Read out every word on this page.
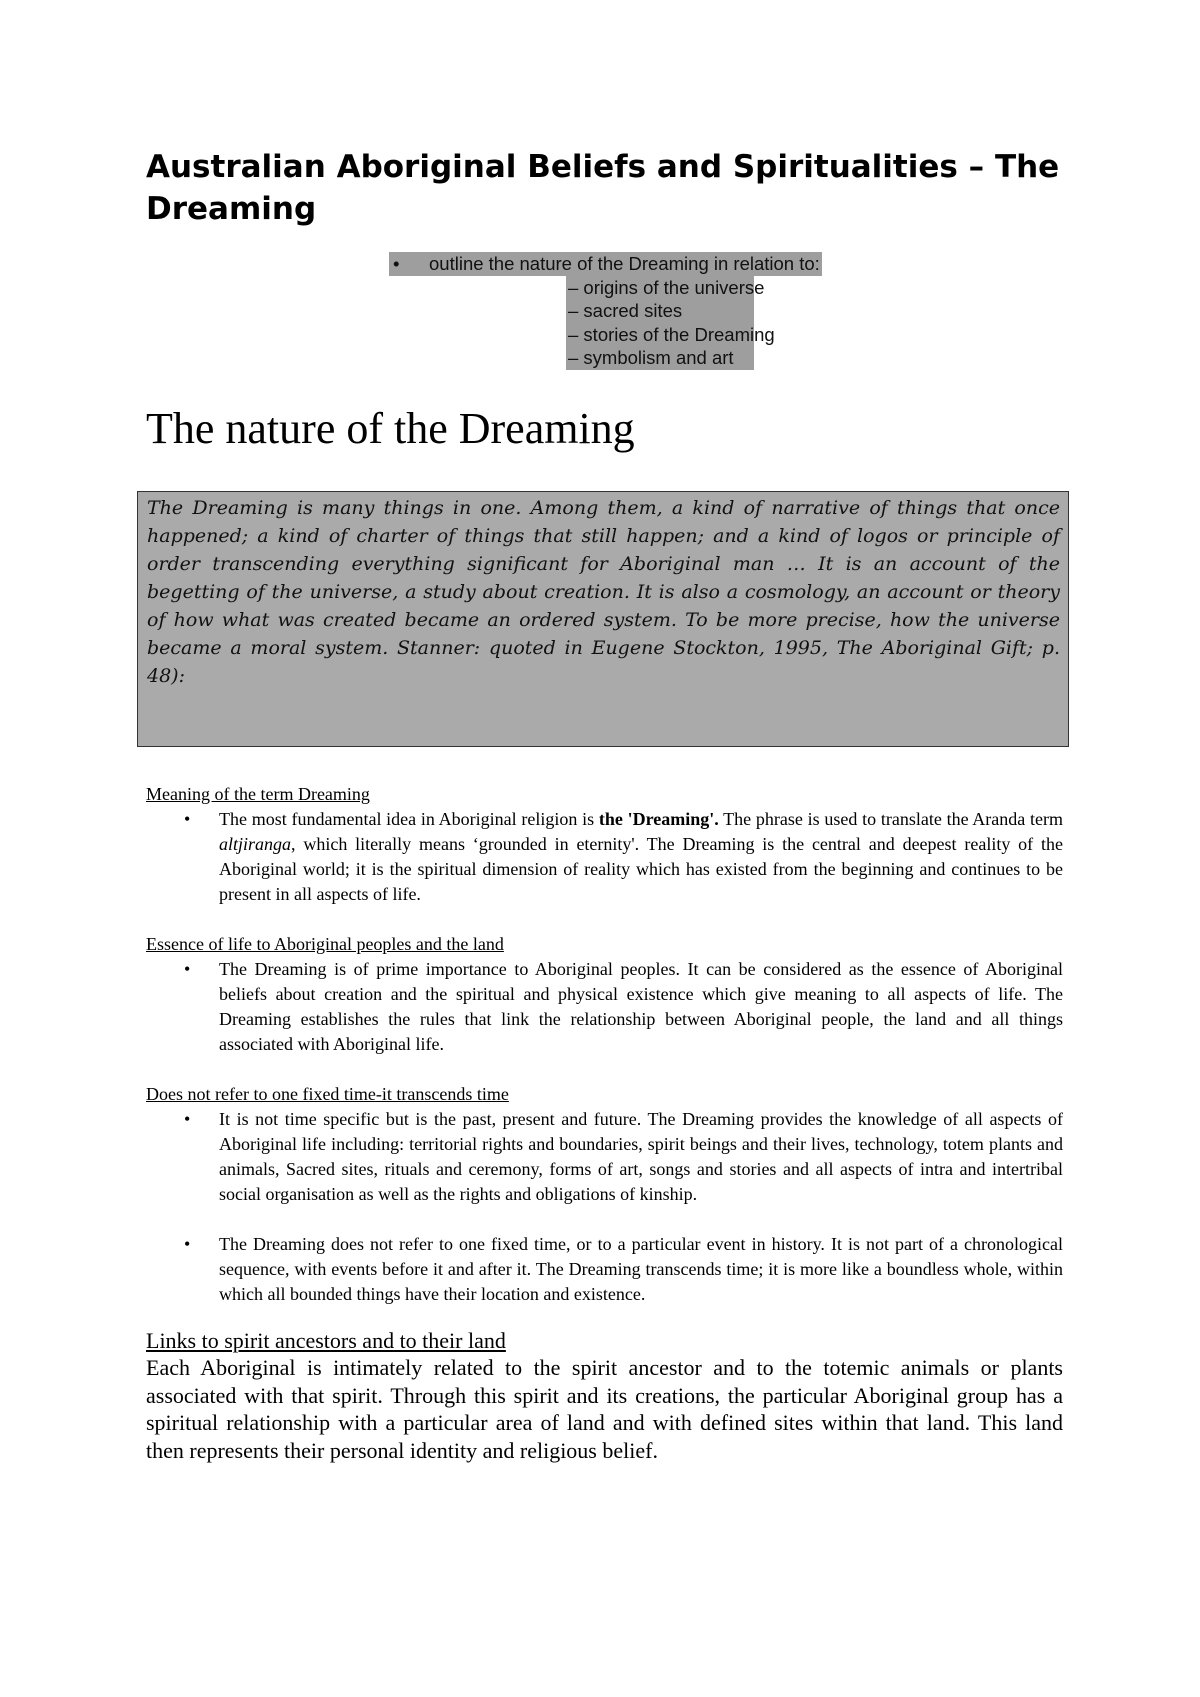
Australian Aboriginal Beliefs and Spiritualities – The Dreaming
• outline the nature of the Dreaming in relation to:
– origins of the universe
– sacred sites
– stories of the Dreaming
– symbolism and art
The nature of the Dreaming

The Dreaming is many things in one. Among them, a kind of narrative of things that once happened; a kind of charter of things that still happen; and a kind of logos or principle of order transcending everything significant for Aboriginal man … It is an account of the begetting of the universe, a study about creation. It is also a cosmology, an account or theory of how what was created became an ordered system. To be more precise, how the universe became a moral system. Stanner: quoted in Eugene Stockton, 1995, The Aboriginal Gift; p. 48):

Meaning of the term Dreaming

• The most fundamental idea in Aboriginal religion is the 'Dreaming'. The phrase is used to translate the Aranda term altjiranga, which literally means ‘grounded in eternity'. The Dreaming is the central and deepest reality of the Aboriginal world; it is the spiritual dimension of reality which has existed from the beginning and continues to be present in all aspects of life.

Essence of life to Aboriginal peoples and the land

• The Dreaming is of prime importance to Aboriginal peoples. It can be considered as the essence of Aboriginal beliefs about creation and the spiritual and physical existence which give meaning to all aspects of life. The Dreaming establishes the rules that link the relationship between Aboriginal people, the land and all things associated with Aboriginal life.

Does not refer to one fixed time-it transcends time

• It is not time specific but is the past, present and future. The Dreaming provides the knowledge of all aspects of Aboriginal life including: territorial rights and boundaries, spirit beings and their lives, technology, totem plants and animals, Sacred sites, rituals and ceremony, forms of art, songs and stories and all aspects of intra and intertribal social organisation as well as the rights and obligations of kinship.

• The Dreaming does not refer to one fixed time, or to a particular event in history. It is not part of a chronological sequence, with events before it and after it. The Dreaming transcends time; it is more like a boundless whole, within which all bounded things have their location and existence.

Links to spirit ancestors and to their land

Each Aboriginal is intimately related to the spirit ancestor and to the totemic animals or plants associated with that spirit. Through this spirit and its creations, the particular Aboriginal group has a spiritual relationship with a particular area of land and with defined sites within that land. This land then represents their personal identity and religious belief.
